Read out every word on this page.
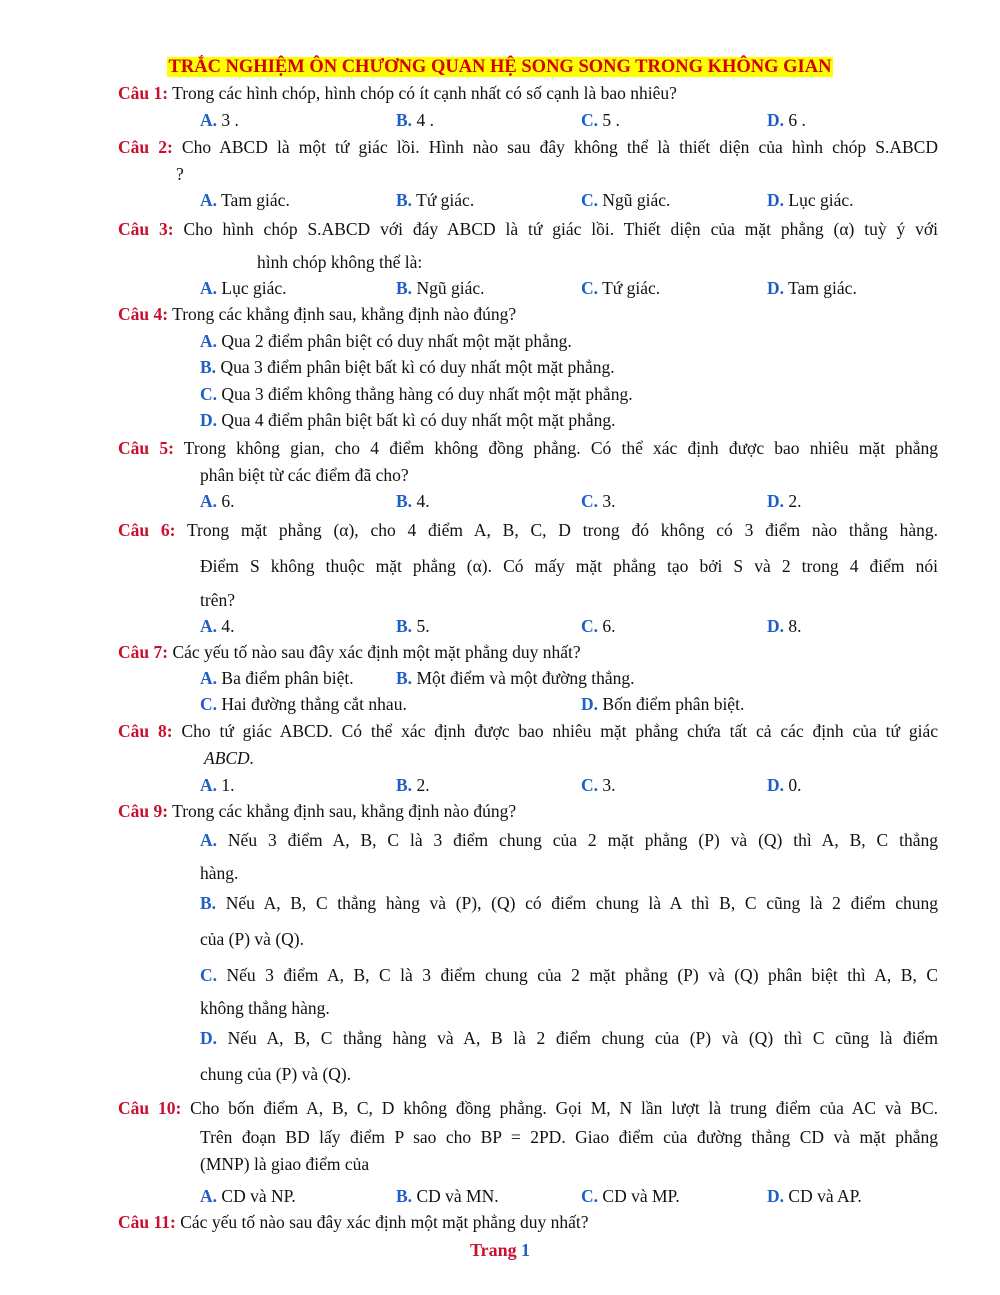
TRẮC NGHIỆM ÔN CHƯƠNG QUAN HỆ SONG SONG TRONG KHÔNG GIAN
Câu 1: Trong các hình chóp, hình chóp có ít cạnh nhất có số cạnh là bao nhiêu?
A. 3 .	B. 4 .	C. 5 .	D. 6 .
Câu 2: Cho ABCD là một tứ giác lồi. Hình nào sau đây không thể là thiết diện của hình chóp S.ABCD
?
A. Tam giác.	B. Tứ giác.	C. Ngũ giác.	D. Lục giác.
Câu 3: Cho hình chóp S.ABCD với đáy ABCD là tứ giác lồi. Thiết diện của mặt phẳng (α) tuỳ ý với
hình chóp không thể là:
A. Lục giác.	B. Ngũ giác.	C. Tứ giác.	D. Tam giác.
Câu 4: Trong các khẳng định sau, khẳng định nào đúng?
A. Qua 2 điểm phân biệt có duy nhất một mặt phẳng.
B. Qua 3 điểm phân biệt bất kì có duy nhất một mặt phẳng.
C. Qua 3 điểm không thẳng hàng có duy nhất một mặt phẳng.
D. Qua 4 điểm phân biệt bất kì có duy nhất một mặt phẳng.
Câu 5: Trong không gian, cho 4 điểm không đồng phẳng. Có thể xác định được bao nhiêu mặt phẳng
phân biệt từ các điểm đã cho?
A. 6.	B. 4.	C. 3.	D. 2.
Câu 6: Trong mặt phẳng (α), cho 4 điểm A, B, C, D trong đó không có 3 điểm nào thẳng hàng.
Điểm S không thuộc mặt phẳng (α). Có mấy mặt phẳng tạo bởi S và 2 trong 4 điểm nói
trên?
A. 4.	B. 5.	C. 6.	D. 8.
Câu 7: Các yếu tố nào sau đây xác định một mặt phẳng duy nhất?
A. Ba điểm phân biệt. B. Một điểm và một đường thẳng.
C. Hai đường thẳng cắt nhau.	D. Bốn điểm phân biệt.
Câu 8: Cho tứ giác ABCD. Có thể xác định được bao nhiêu mặt phẳng chứa tất cả các định của tứ giác
ABCD.
A. 1.	B. 2.	C. 3.	D. 0.
Câu 9: Trong các khẳng định sau, khẳng định nào đúng?
A. Nếu 3 điểm A, B, C là 3 điểm chung của 2 mặt phẳng (P) và (Q) thì A, B, C thẳng
hàng.
B. Nếu A, B, C thẳng hàng và (P), (Q) có điểm chung là A thì B, C cũng là 2 điểm chung
của (P) và (Q).
C. Nếu 3 điểm A, B, C là 3 điểm chung của 2 mặt phẳng (P) và (Q) phân biệt thì A, B, C
không thẳng hàng.
D. Nếu A, B, C thẳng hàng và A, B là 2 điểm chung của (P) và (Q) thì C cũng là điểm
chung của (P) và (Q).
Câu 10: Cho bốn điểm A, B, C, D không đồng phẳng. Gọi M, N lần lượt là trung điểm của AC và BC.
Trên đoạn BD lấy điểm P sao cho BP = 2PD. Giao điểm của đường thẳng CD và mặt phẳng
(MNP) là giao điểm của
A. CD và NP.	B. CD và MN.	C. CD và MP.	D. CD và AP.
Câu 11: Các yếu tố nào sau đây xác định một mặt phẳng duy nhất?
Trang 1
